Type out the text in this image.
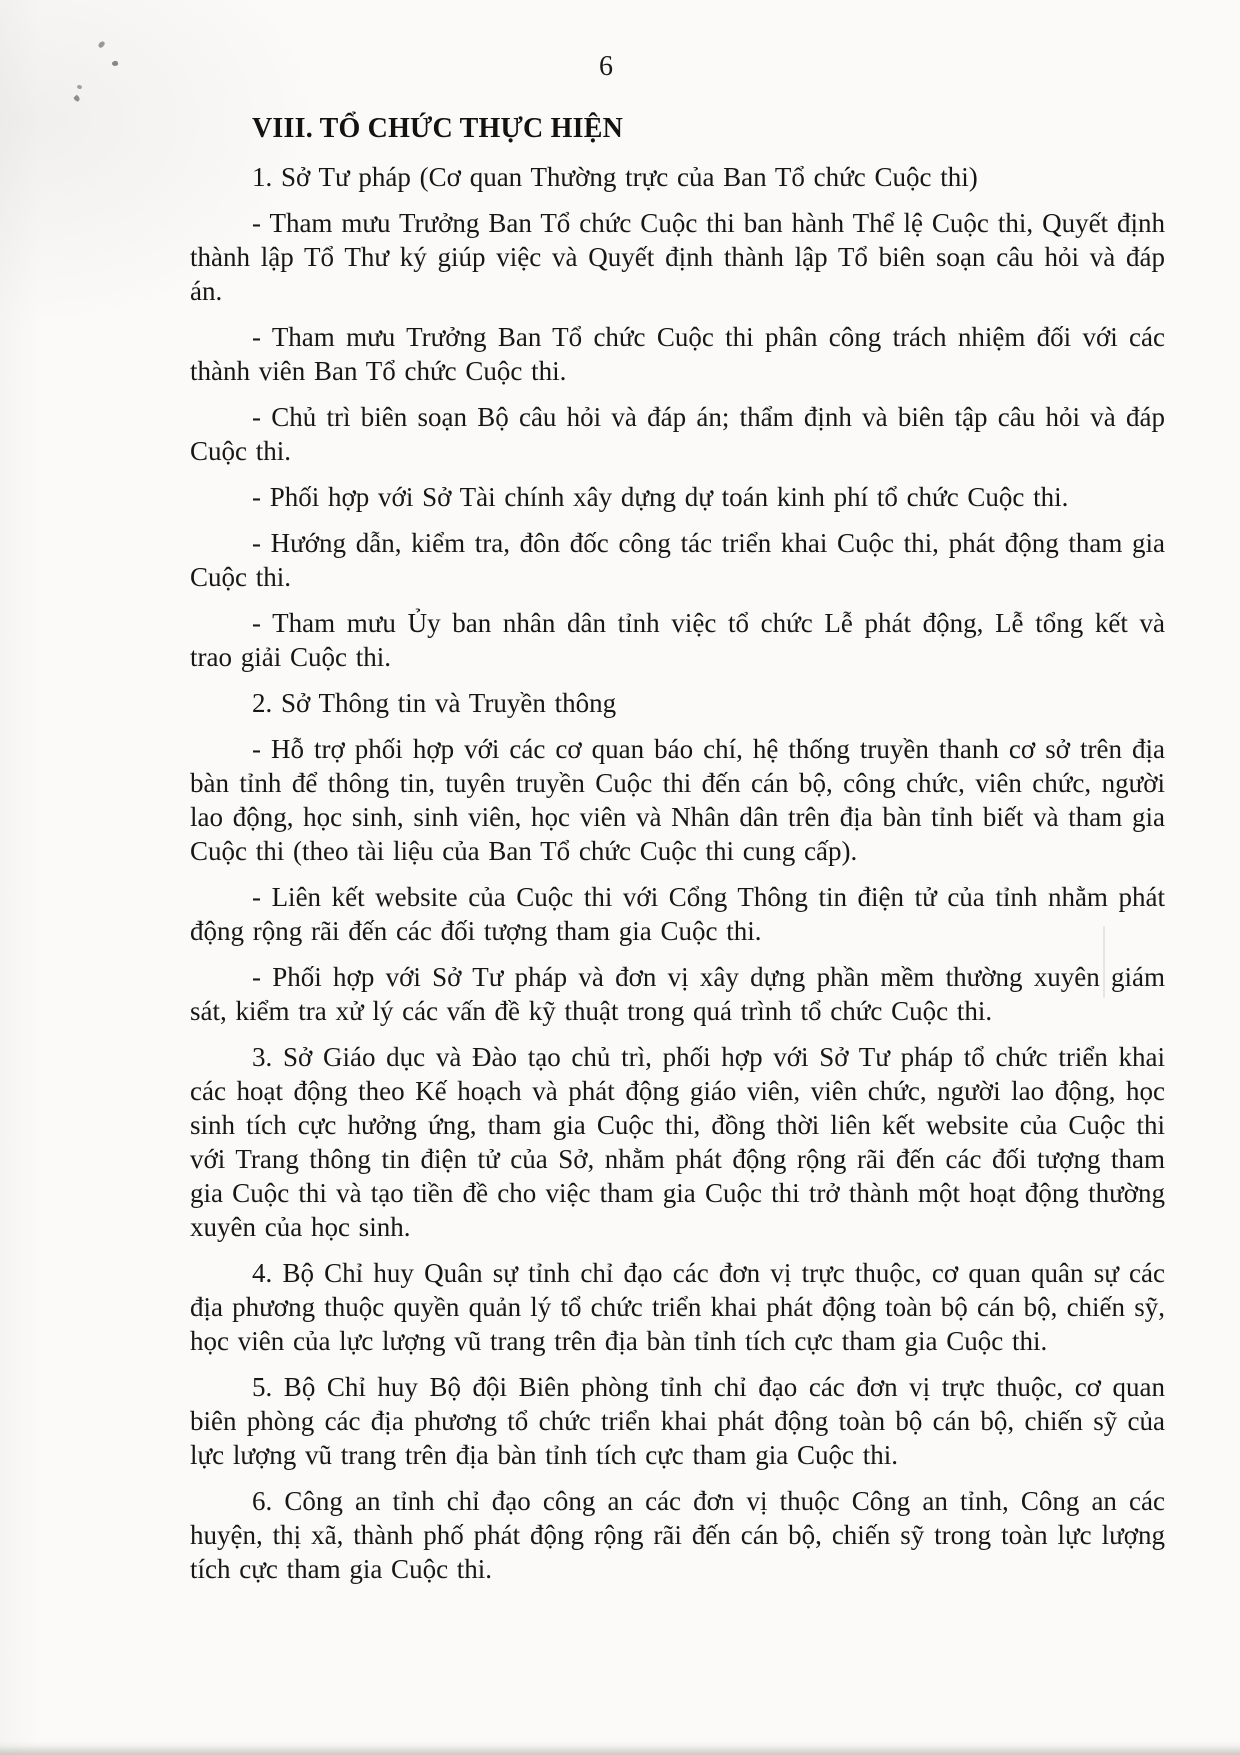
6
VIII. TỔ CHỨC THỰC HIỆN

1. Sở Tư pháp (Cơ quan Thường trực của Ban Tổ chức Cuộc thi)

- Tham mưu Trưởng Ban Tổ chức Cuộc thi ban hành Thể lệ Cuộc thi, Quyết định thành lập Tổ Thư ký giúp việc và Quyết định thành lập Tổ biên soạn câu hỏi và đáp án.

- Tham mưu Trưởng Ban Tổ chức Cuộc thi phân công trách nhiệm đối với các thành viên Ban Tổ chức Cuộc thi.

- Chủ trì biên soạn Bộ câu hỏi và đáp án; thẩm định và biên tập câu hỏi và đáp Cuộc thi.

- Phối hợp với Sở Tài chính xây dựng dự toán kinh phí tổ chức Cuộc thi.

- Hướng dẫn, kiểm tra, đôn đốc công tác triển khai Cuộc thi, phát động tham gia Cuộc thi.

- Tham mưu Ủy ban nhân dân tỉnh việc tổ chức Lễ phát động, Lễ tổng kết và trao giải Cuộc thi.

2. Sở Thông tin và Truyền thông

- Hỗ trợ phối hợp với các cơ quan báo chí, hệ thống truyền thanh cơ sở trên địa bàn tỉnh để thông tin, tuyên truyền Cuộc thi đến cán bộ, công chức, viên chức, người lao động, học sinh, sinh viên, học viên và Nhân dân trên địa bàn tỉnh biết và tham gia Cuộc thi (theo tài liệu của Ban Tổ chức Cuộc thi cung cấp).

- Liên kết website của Cuộc thi với Cổng Thông tin điện tử của tỉnh nhằm phát động rộng rãi đến các đối tượng tham gia Cuộc thi.

- Phối hợp với Sở Tư pháp và đơn vị xây dựng phần mềm thường xuyên giám sát, kiểm tra xử lý các vấn đề kỹ thuật trong quá trình tổ chức Cuộc thi.

3. Sở Giáo dục và Đào tạo chủ trì, phối hợp với Sở Tư pháp tổ chức triển khai các hoạt động theo Kế hoạch và phát động giáo viên, viên chức, người lao động, học sinh tích cực hưởng ứng, tham gia Cuộc thi, đồng thời liên kết website của Cuộc thi với Trang thông tin điện tử của Sở, nhằm phát động rộng rãi đến các đối tượng tham gia Cuộc thi và tạo tiền đề cho việc tham gia Cuộc thi trở thành một hoạt động thường xuyên của học sinh.

4. Bộ Chỉ huy Quân sự tỉnh chỉ đạo các đơn vị trực thuộc, cơ quan quân sự các địa phương thuộc quyền quản lý tổ chức triển khai phát động toàn bộ cán bộ, chiến sỹ, học viên của lực lượng vũ trang trên địa bàn tỉnh tích cực tham gia Cuộc thi.

5. Bộ Chỉ huy Bộ đội Biên phòng tỉnh chỉ đạo các đơn vị trực thuộc, cơ quan biên phòng các địa phương tổ chức triển khai phát động toàn bộ cán bộ, chiến sỹ của lực lượng vũ trang trên địa bàn tỉnh tích cực tham gia Cuộc thi.

6. Công an tỉnh chỉ đạo công an các đơn vị thuộc Công an tỉnh, Công an các huyện, thị xã, thành phố phát động rộng rãi đến cán bộ, chiến sỹ trong toàn lực lượng tích cực tham gia Cuộc thi.
